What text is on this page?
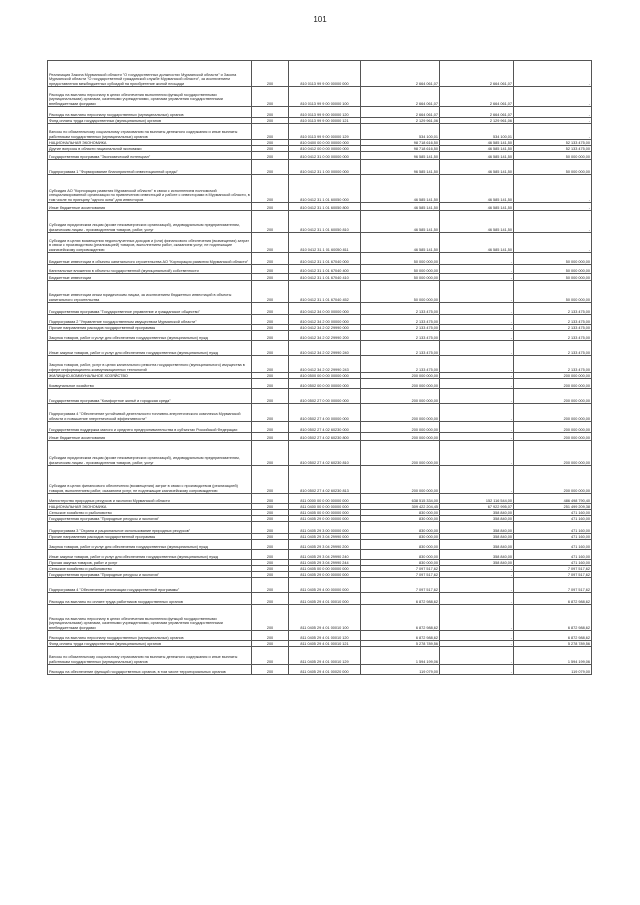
101
Реализация Закона Мурманской области "О государственных должностях Мурманской области" и Закона Мурманской области "О государственной гражданской службе Мурманской области", за исключением предоставления межбюджетных субсидий на приобретение жилой площади	200	810 0113 99 9 00 00000 000	2 664 061,07	2 664 061,07	-
Расходы на выплаты персоналу в целях обеспечения выполнения функций государственными (муниципальными) органами, казенными учреждениями, органами управления государственными внебюджетными фондами	200	810 0113 99 9 00 00000 100	2 664 061,07	2 664 061,07	-
Расходы на выплаты персоналу государственных (муниципальных) органов	200	810 0113 99 9 00 00000 120	2 664 061,07	2 664 061,07	-
Фонд оплаты труда государственных (муниципальных) органов	200	810 0113 99 9 00 00000 121	2 129 961,06	2 129 961,06	-
Взносы по обязательному социальному страхованию на выплаты денежного содержания и иные выплаты работникам государственных (муниципальных) органов	200	810 0113 99 9 00 00000 129	534 100,01	534 100,01	-
НАЦИОНАЛЬНАЯ ЭКОНОМИКА	200	810 0400 00 0 00 00000 000	98 718 616,50	46 585 141,50	52 133 475,00
Другие вопросы в области национальной экономики	200	810 0412 00 0 00 00000 000	98 718 616,50	46 585 141,50	52 133 475,00
Государственная программа "Экономический потенциал"	200	810 0412 31 0 00 00000 000	96 585 141,50	46 585 141,50	50 000 000,00
Подпрограмма 1 "Формирование благоприятной инвестиционной среды"	200	810 0412 31 1 00 00000 000	96 585 141,50	46 585 141,50	50 000 000,00
Субсидия АО "Корпорация развития Мурманской области" в связи с исполнением полномочий специализированной организации по привлечению инвестиций и работе с инвесторами в Мурманской области, в том числе по принципу "одного окна" для инвесторов	200	810 0412 31 1 01 60050 000	46 585 141,50	46 585 141,50	-
Иные бюджетные ассигнования	200	810 0412 31 1 01 60050 800	46 585 141,50	46 585 141,50	-
Субсидии юридическим лицам (кроме некоммерческих организаций), индивидуальным предпринимателям, физическим лицам - производителям товаров, работ, услуг	200	810 0412 31 1 01 60050 810	46 585 141,50	46 585 141,50	-
Субсидии в целях возмещения недополученных доходов и (или) финансового обеспечения (возмещения) затрат в связи с производством (реализацией) товаров, выполнением работ, оказанием услуг, не подлежащие казначейскому сопровождению	200	810 0412 31 1 01 60050 811	46 585 141,50	46 585 141,50	-
Бюджетные инвестиции в объекты капитального строительства АО "Корпорация развития Мурманской области"	200	810 0412 31 1 01 67040 000	50 000 000,00	-	50 000 000,00
Капитальные вложения в объекты государственной (муниципальной) собственности	200	810 0412 31 1 01 67040 400	50 000 000,00	-	50 000 000,00
Бюджетные инвестиции	200	810 0412 31 1 01 67040 410	50 000 000,00	-	50 000 000,00
Бюджетные инвестиции иным юридическим лицам, за исключением бюджетных инвестиций в объекты капитального строительства	200	810 0412 31 1 01 67040 452	50 000 000,00	-	50 000 000,00
Государственная программа "Государственное управление и гражданское общество"	200	810 0412 34 0 00 00000 000	2 133 475,00	-	2 133 475,00
Подпрограмма 2 "Управление государственным имуществом Мурманской области"	200	810 0412 34 2 00 00000 000	2 133 475,00	-	2 133 475,00
Прочие направления расходов государственной программы	200	810 0412 34 2 02 29990 000	2 133 475,00	-	2 133 475,00
Закупка товаров, работ и услуг для обеспечения государственных (муниципальных) нужд	200	810 0412 34 2 02 29990 200	2 133 475,00	-	2 133 475,00
Иные закупки товаров, работ и услуг для обеспечения государственных (муниципальных) нужд	200	810 0412 34 2 02 29990 240	2 133 475,00	-	2 133 475,00
Закупка товаров, работ, услуг в целях капитального ремонта государственного (муниципального) имущества в сфере информационно-коммуникационных технологий	200	810 0412 34 2 02 29990 243	2 133 475,00	-	2 133 475,00
ЖИЛИЩНО-КОММУНАЛЬНОЕ ХОЗЯЙСТВО	200	810 0500 00 0 00 00000 000	200 000 000,00	-	200 000 000,00
Коммунальное хозяйство	200	810 0502 00 0 00 00000 000	200 000 000,00	-	200 000 000,00
Государственная программа "Комфортное жильё и городская среда"	200	810 0502 27 0 00 00000 000	200 000 000,00	-	200 000 000,00
Подпрограмма 4 "Обеспечение устойчивой деятельности топливно-энергетического комплекса Мурманской области и повышение энергетической эффективности"	200	810 0502 27 4 00 00000 000	200 000 000,00	-	200 000 000,00
Государственная поддержка малого и среднего предпринимательства в субъектах Российской Федерации	200	810 0502 27 4 02 60230 000	200 000 000,00	-	200 000 000,00
Иные бюджетные ассигнования	200	810 0502 27 4 02 60230 800	200 000 000,00	-	200 000 000,00
Субсидии юридическим лицам (кроме некоммерческих организаций), индивидуальным предпринимателям, физическим лицам - производителям товаров, работ, услуг	200	810 0502 27 4 02 60230 810	200 000 000,00	-	200 000 000,00
Субсидии в целях финансового обеспечения (возмещения) затрат в связи с производством (реализацией) товаров, выполнением работ, оказанием услуг, не подлежащие казначейскому сопровождению	200	810 0502 27 4 02 60230 813	200 000 000,00	-	200 000 000,00
Министерство природных ресурсов и экологии Мурманской области	200	811 0000 00 0 00 00000 000	638 515 334,00	152 116 544,00	486 498 790,40
НАЦИОНАЛЬНАЯ ЭКОНОМИКА	200	811 0400 00 0 00 00000 000	309 422 204,45	67 922 995,07	251 499 209,38
Сельское хозяйство и рыболовство	200	811 0405 00 0 00 00000 000	830 000,00	358 840,00	471 160,00
Государственная программа "Природные ресурсы и экология"	200	811 0405 29 0 00 00000 000	830 000,00	358 840,00	471 160,00
Подпрограмма 3 "Охрана и рациональное использование природных ресурсов"	200	811 0405 29 3 00 00000 000	830 000,00	358 840,00	471 160,00
Прочие направления расходов государственной программы	200	811 0405 29 3 04 29990 000	830 000,00	358 840,00	471 160,00
Закупка товаров, работ и услуг для обеспечения государственных (муниципальных) нужд	200	811 0405 29 3 04 29990 200	830 000,00	358 840,00	471 160,00
Иные закупки товаров, работ и услуг для обеспечения государственных (муниципальных) нужд	200	811 0405 29 3 04 29990 240	830 000,00	358 840,00	471 160,00
Прочая закупка товаров, работ и услуг	200	811 0405 29 3 04 29990 244	830 000,00	358 840,00	471 160,00
Сельское хозяйство и рыболовство	200	811 0405 00 0 00 00000 000	7 097 517,62	-	7 097 517,62
Государственная программа "Природные ресурсы и экология"	200	811 0405 29 0 00 00000 000	7 097 517,62	-	7 097 517,62
Подпрограмма 4 "Обеспечение реализации государственной программы"	200	811 0405 29 4 00 00000 000	7 097 517,62	-	7 097 517,62
Расходы на выплаты по оплате труда работников государственных органов	200	811 0405 29 4 01 00010 000	6 872 988,62	-	6 872 988,62
Расходы на выплаты персоналу в целях обеспечения выполнения функций государственными (муниципальными) органами, казенными учреждениями, органами управления государственными внебюджетными фондами	200	811 0405 29 4 01 00010 100	6 872 988,62	-	6 872 988,62
Расходы на выплаты персоналу государственных (муниципальных) органов	200	811 0405 29 4 01 00010 120	6 872 988,62	-	6 872 988,62
Фонд оплаты труда государственных (муниципальных) органов	200	811 0405 29 4 01 00010 121	5 278 789,56	-	5 278 789,56
Взносы по обязательному социальному страхованию на выплаты денежного содержания и иные выплаты работникам государственных (муниципальных) органов	200	811 0405 29 4 01 00010 129	1 594 199,06	-	1 594 199,06
Расходы на обеспечение функций государственных органов, в том числе территориальных органов	200	811 0405 29 4 01 00020 000	119 079,00	-	119 079,00
